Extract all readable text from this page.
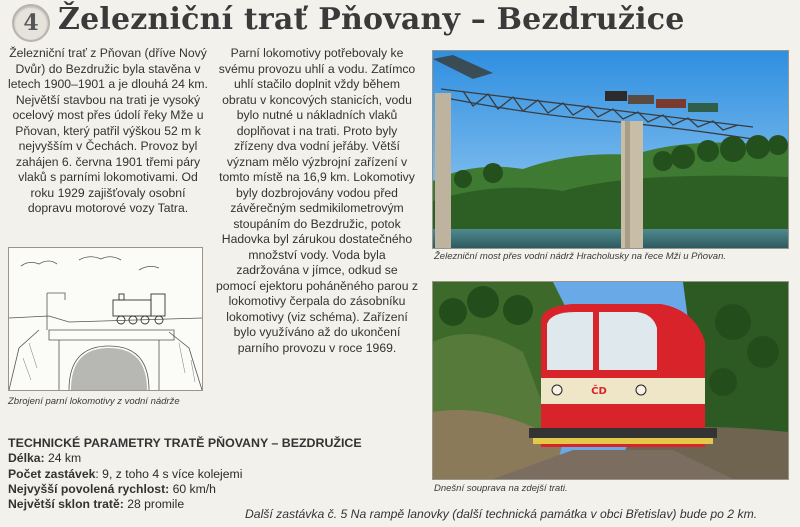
4 Železniční trať Pňovany – Bezdružice

Železniční trať z Pňovan (dříve Nový Dvůr) do Bezdružic byla stavěna v letech 1900–1901 a je dlouhá 24 km. Největší stavbou na trati je vysoký ocelový most přes údolí řeky Mže u Pňovan, který patřil výškou 52 m k nejvyšším v Čechách. Provoz byl zahájen 6. června 1901 třemi páry vlaků s parními lokomotivami. Od roku 1929 zajišťovaly osobní dopravu motorové vozy Tatra.

Parní lokomotivy potřebovaly ke svému provozu uhlí a vodu. Zatímco uhlí stačilo doplnit vždy během obratu v koncových stanicích, vodu bylo nutné u nákladních vlaků doplňovat i na trati. Proto byly zřízeny dva vodní jeřáby. Větší význam mělo výzbrojní zařízení v tomto místě na 16,9 km. Lokomotivy byly dozbrojovány vodou před závěrečným sedmikilometrovým stoupáním do Bezdružic, potok Hadovka byl zárukou dostatečného množství vody. Voda byla zadržována v jímce, odkud se pomocí ejektoru poháněného parou z lokomotivy čerpala do zásobníku lokomotivy (viz schéma). Zařízení bylo využíváno až do ukončení parního provozu v roce 1969.

Železniční most přes vodní nádrž Hracholusky na řece Mži u Pňovan.
Zbrojení parní lokomotivy z vodní nádrže
ČD
Dnešní souprava na zdejší trati.
TECHNICKÉ PARAMETRY TRATĚ PŇOVANY – BEZDRUŽICE
Délka: 24 km
Počet zastávek: 9, z toho 4 s více kolejemi
Nejvyšší povolená rychlost: 60 km/h
Největší sklon tratě: 28 promile
Další zastávka č. 5 Na rampě lanovky (další technická památka v obci Břetislav) bude po 2 km.
